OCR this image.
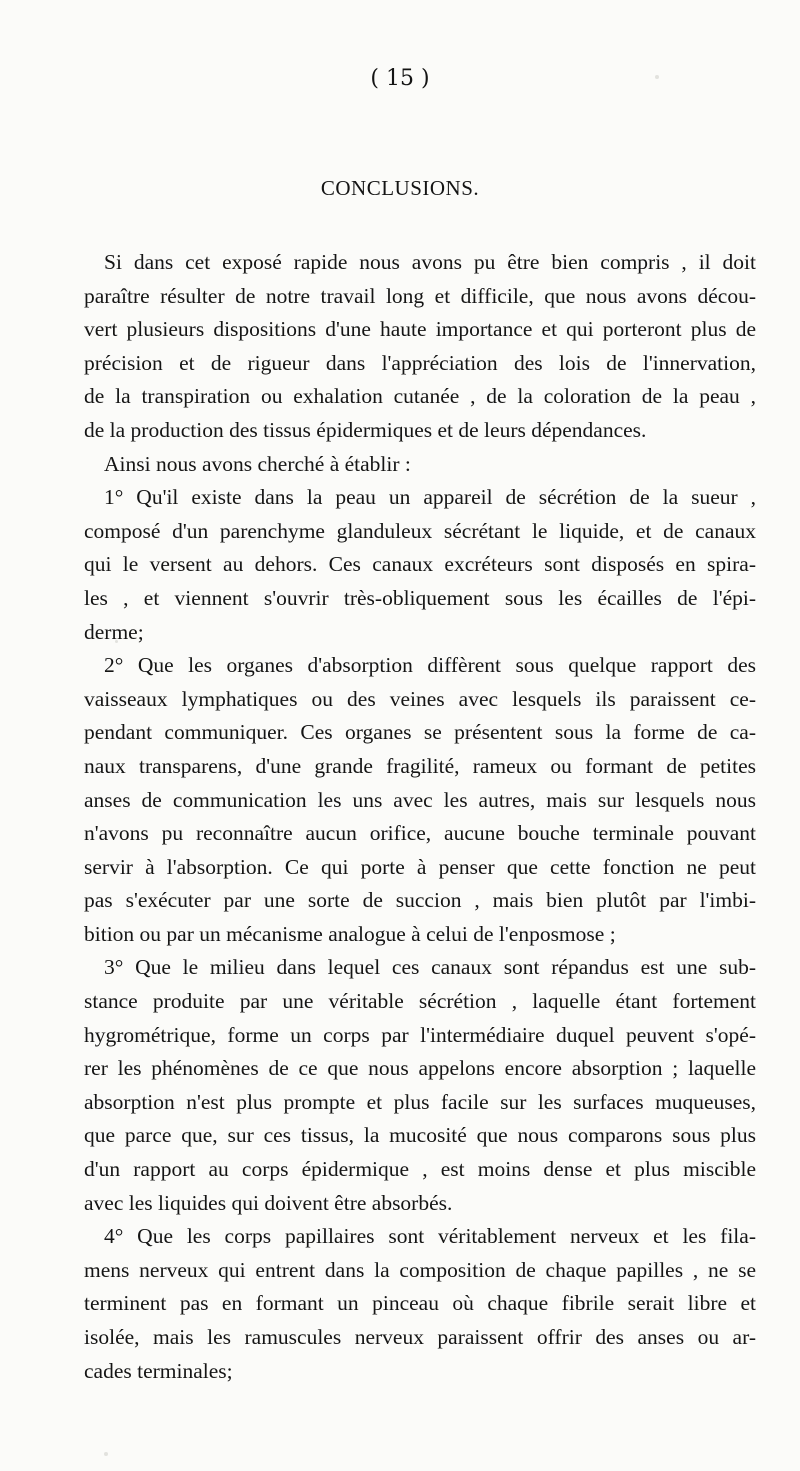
( 15 )
CONCLUSIONS.
Si dans cet exposé rapide nous avons pu être bien compris , il doit
paraître résulter de notre travail long et difficile, que nous avons décou-
vert plusieurs dispositions d'une haute importance et qui porteront plus de
précision et de rigueur dans l'appréciation des lois de l'innervation,
de la transpiration ou exhalation cutanée , de la coloration de la peau ,
de la production des tissus épidermiques et de leurs dépendances.
Ainsi nous avons cherché à établir :
1° Qu'il existe dans la peau un appareil de sécrétion de la sueur ,
composé d'un parenchyme glanduleux sécrétant le liquide, et de canaux
qui le versent au dehors. Ces canaux excréteurs sont disposés en spira-
les , et viennent s'ouvrir très-obliquement sous les écailles de l'épi-
derme;
2° Que les organes d'absorption diffèrent sous quelque rapport des
vaisseaux lymphatiques ou des veines avec lesquels ils paraissent ce-
pendant communiquer. Ces organes se présentent sous la forme de ca-
naux transparens, d'une grande fragilité, rameux ou formant de petites
anses de communication les uns avec les autres, mais sur lesquels nous
n'avons pu reconnaître aucun orifice, aucune bouche terminale pouvant
servir à l'absorption. Ce qui porte à penser que cette fonction ne peut
pas s'exécuter par une sorte de succion , mais bien plutôt par l'imbi-
bition ou par un mécanisme analogue à celui de l'enposmose ;
3° Que le milieu dans lequel ces canaux sont répandus est une sub-
stance produite par une véritable sécrétion , laquelle étant fortement
hygrométrique, forme un corps par l'intermédiaire duquel peuvent s'opé-
rer les phénomènes de ce que nous appelons encore absorption ; laquelle
absorption n'est plus prompte et plus facile sur les surfaces muqueuses,
que parce que, sur ces tissus, la mucosité que nous comparons sous plus
d'un rapport au corps épidermique , est moins dense et plus miscible
avec les liquides qui doivent être absorbés.
4° Que les corps papillaires sont véritablement nerveux et les fila-
mens nerveux qui entrent dans la composition de chaque papilles , ne se
terminent pas en formant un pinceau où chaque fibrile serait libre et
isolée, mais les ramuscules nerveux paraissent offrir des anses ou ar-
cades terminales;
